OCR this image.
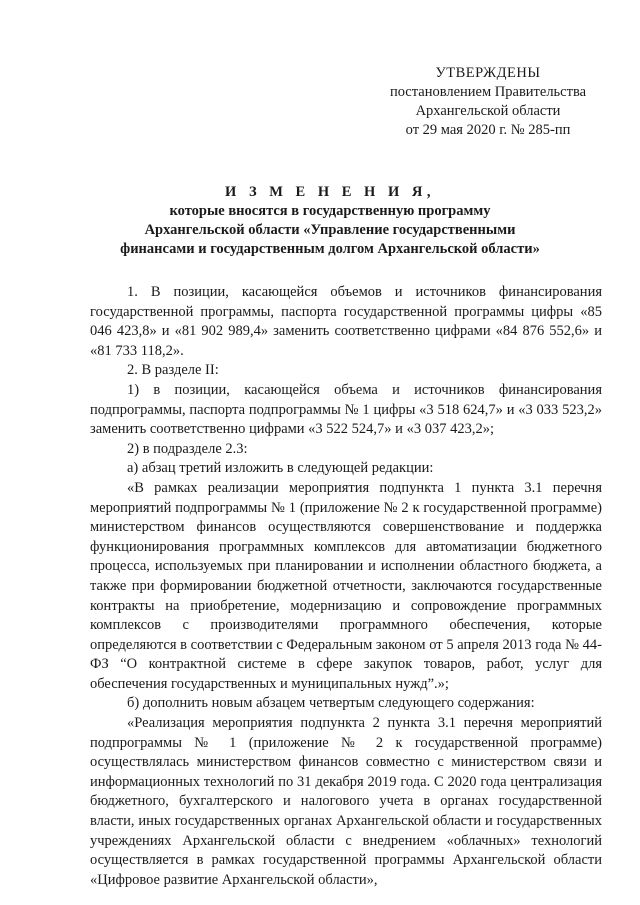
УТВЕРЖДЕНЫ
постановлением Правительства
Архангельской области
от 29 мая 2020 г. № 285-пп
И З М Е Н Е Н И Я,
которые вносятся в государственную программу
Архангельской области «Управление государственными
финансами и государственным долгом Архангельской области»

1. В позиции, касающейся объемов и источников финансирования государственной программы, паспорта государственной программы цифры «85 046 423,8» и «81 902 989,4» заменить соответственно цифрами «84 876 552,6» и «81 733 118,2».

2. В разделе II:

1) в позиции, касающейся объема и источников финансирования подпрограммы, паспорта подпрограммы № 1 цифры «3 518 624,7» и «3 033 523,2» заменить соответственно цифрами «3 522 524,7» и «3 037 423,2»;

2) в подразделе 2.3:

а) абзац третий изложить в следующей редакции:

«В рамках реализации мероприятия подпункта 1 пункта 3.1 перечня мероприятий подпрограммы № 1 (приложение № 2 к государственной программе) министерством финансов осуществляются совершенствование и поддержка функционирования программных комплексов для автоматизации бюджетного процесса, используемых при планировании и исполнении областного бюджета, а также при формировании бюджетной отчетности, заключаются государственные контракты на приобретение, модернизацию и сопровождение программных комплексов с производителями программного обеспечения, которые определяются в соответствии с Федеральным законом от 5 апреля 2013 года № 44-ФЗ “О контрактной системе в сфере закупок товаров, работ, услуг для обеспечения государственных и муниципальных нужд”.»;

б) дополнить новым абзацем четвертым следующего содержания:

«Реализация мероприятия подпункта 2 пункта 3.1 перечня мероприятий подпрограммы № 1 (приложение № 2 к государственной программе) осуществлялась министерством финансов совместно с министерством связи и информационных технологий по 31 декабря 2019 года. С 2020 года централизация бюджетного, бухгалтерского и налогового учета в органах государственной власти, иных государственных органах Архангельской области и государственных учреждениях Архангельской области с внедрением «облачных» технологий осуществляется в рамках государственной программы Архангельской области «Цифровое развитие Архангельской области»,
